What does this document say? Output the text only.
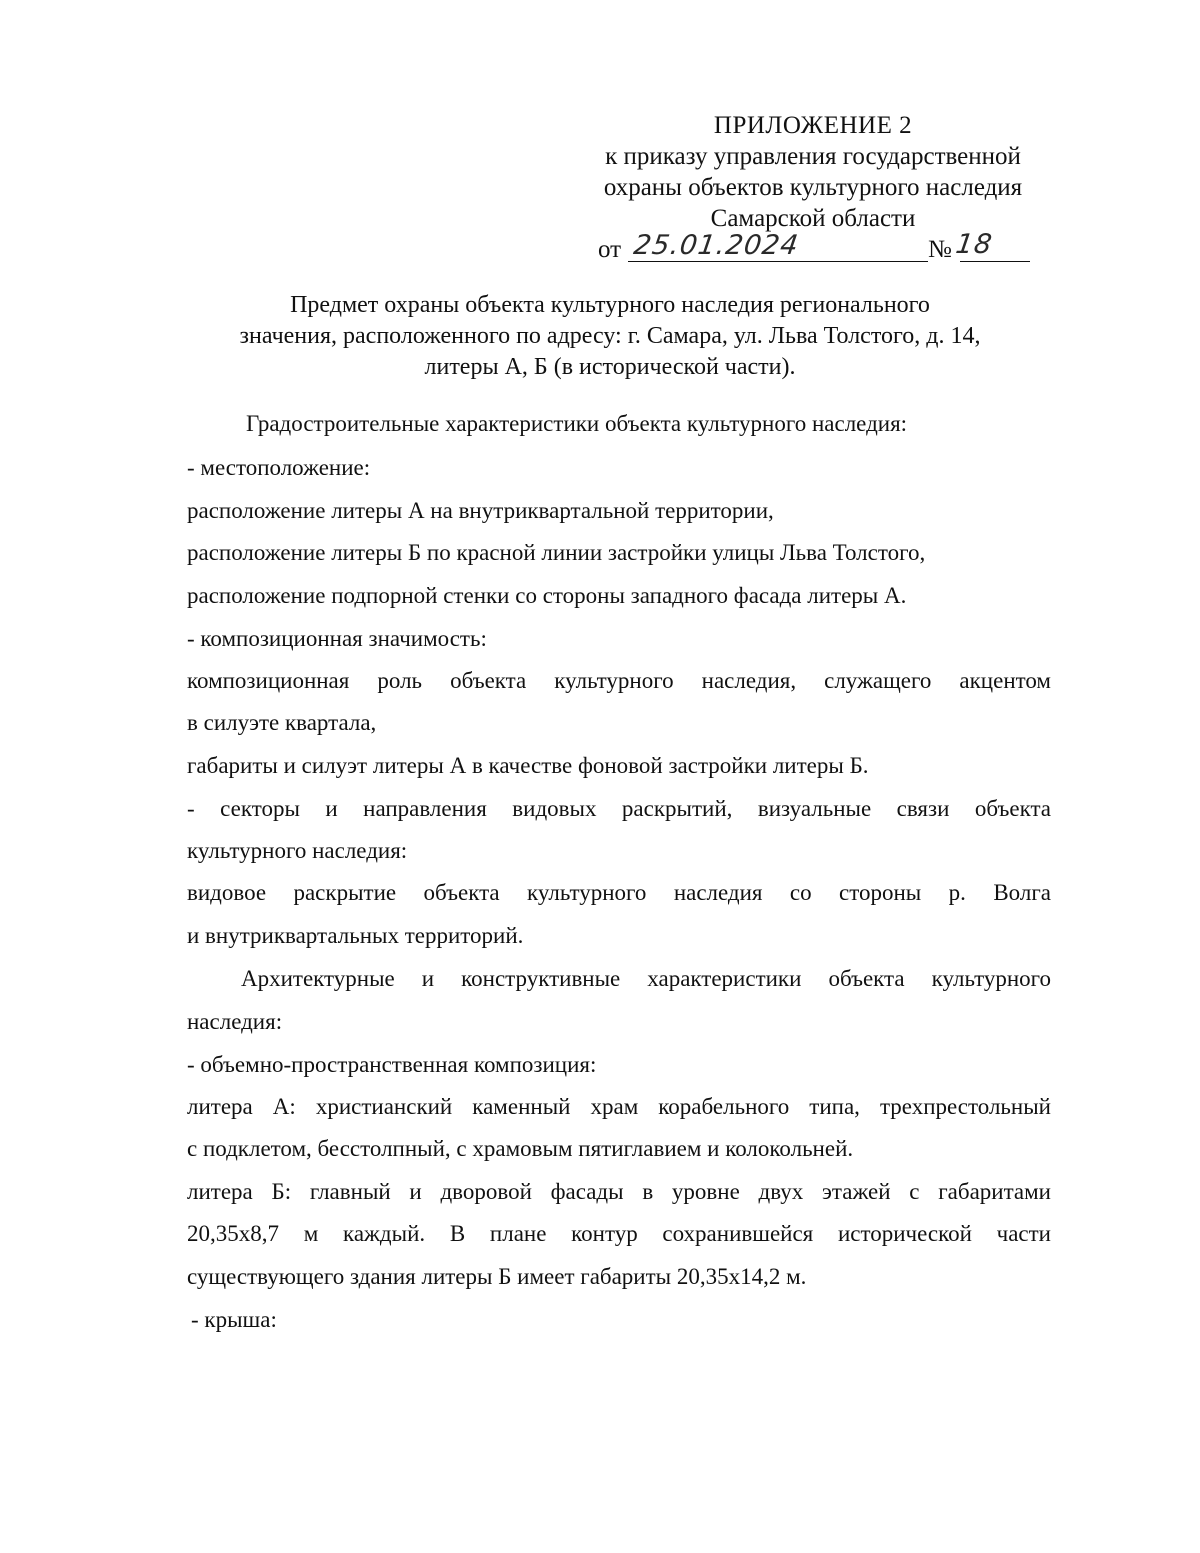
ПРИЛОЖЕНИЕ 2
к приказу управления государственной
охраны объектов культурного наследия
Самарской области
от 25.01.2024	№ 18
Предмет охраны объекта культурного наследия регионального
значения, расположенного по адресу: г. Самара, ул. Льва Толстого, д. 14,
литеры А, Б (в исторической части).
Градостроительные характеристики объекта культурного наследия:
- местоположение:
расположение литеры А на внутриквартальной территории,
расположение литеры Б по красной линии застройки улицы Льва Толстого,
расположение подпорной стенки со стороны западного фасада литеры А.
- композиционная значимость:
композиционная роль объекта культурного наследия, служащего акцентом
в силуэте квартала,
габариты и силуэт литеры А в качестве фоновой застройки литеры Б.
- секторы и направления видовых раскрытий, визуальные связи объекта
культурного наследия:
видовое раскрытие объекта культурного наследия со стороны р. Волга
и внутриквартальных территорий.
Архитектурные и конструктивные характеристики объекта культурного
наследия:
- объемно-пространственная композиция:
литера А: христианский каменный храм корабельного типа, трехпрестольный
с подклетом, бесстолпный, с храмовым пятиглавием и колокольней.
литера Б: главный и дворовой фасады в уровне двух этажей с габаритами
20,35х8,7 м каждый. В плане контур сохранившейся исторической части
существующего здания литеры Б имеет габариты 20,35х14,2 м.
- крыша:
